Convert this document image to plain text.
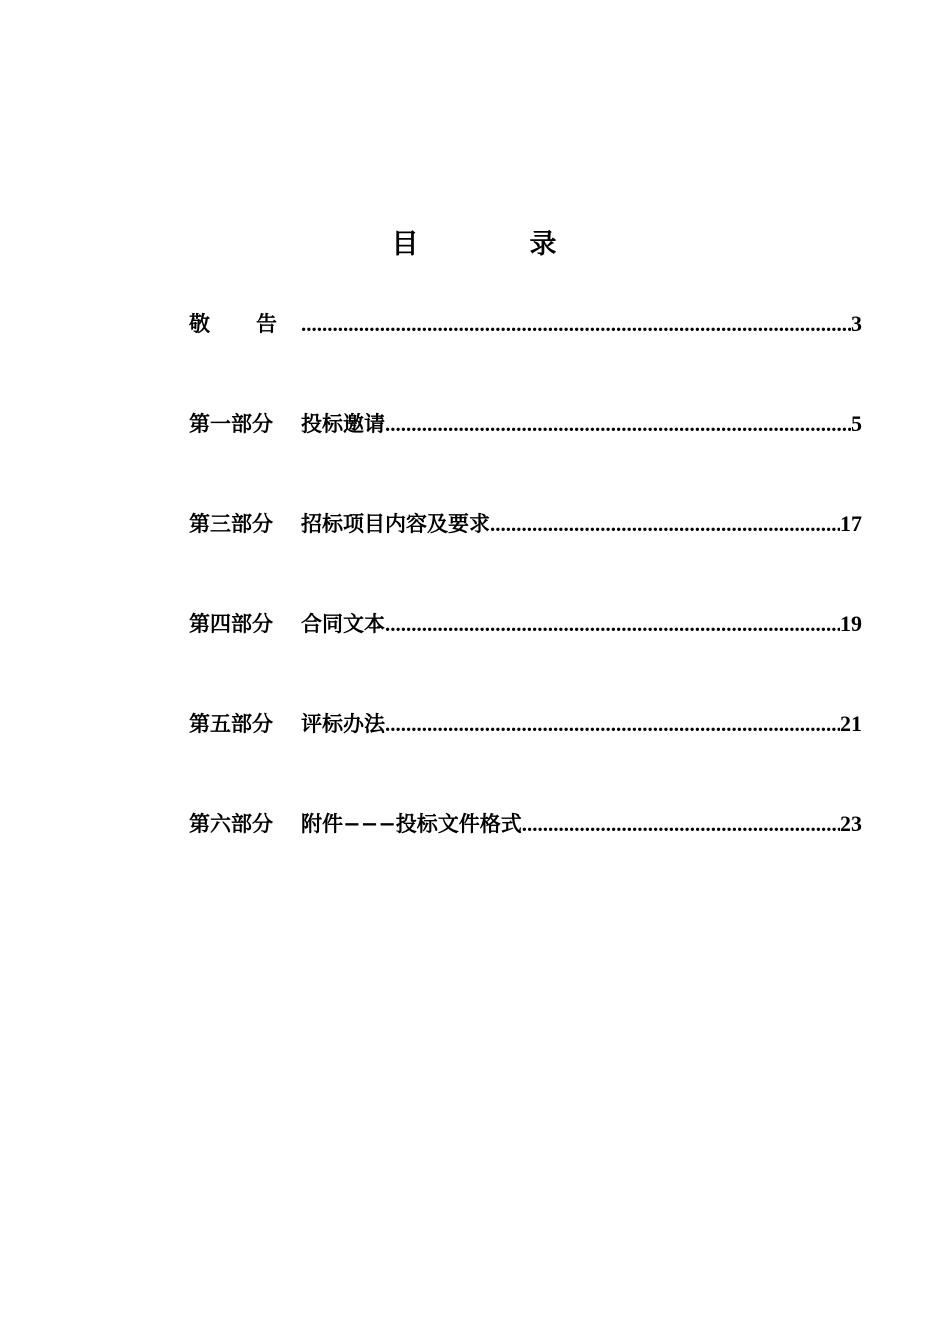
目　录
敬 告 .....	3
第一部分	投标邀请 .....	5
第三部分	招标项目内容及要求 .....	17
第四部分	合同文本 .....	19
第五部分	评标办法 .....	21
第六部分	附件−−−投标文件格式 .....	23
